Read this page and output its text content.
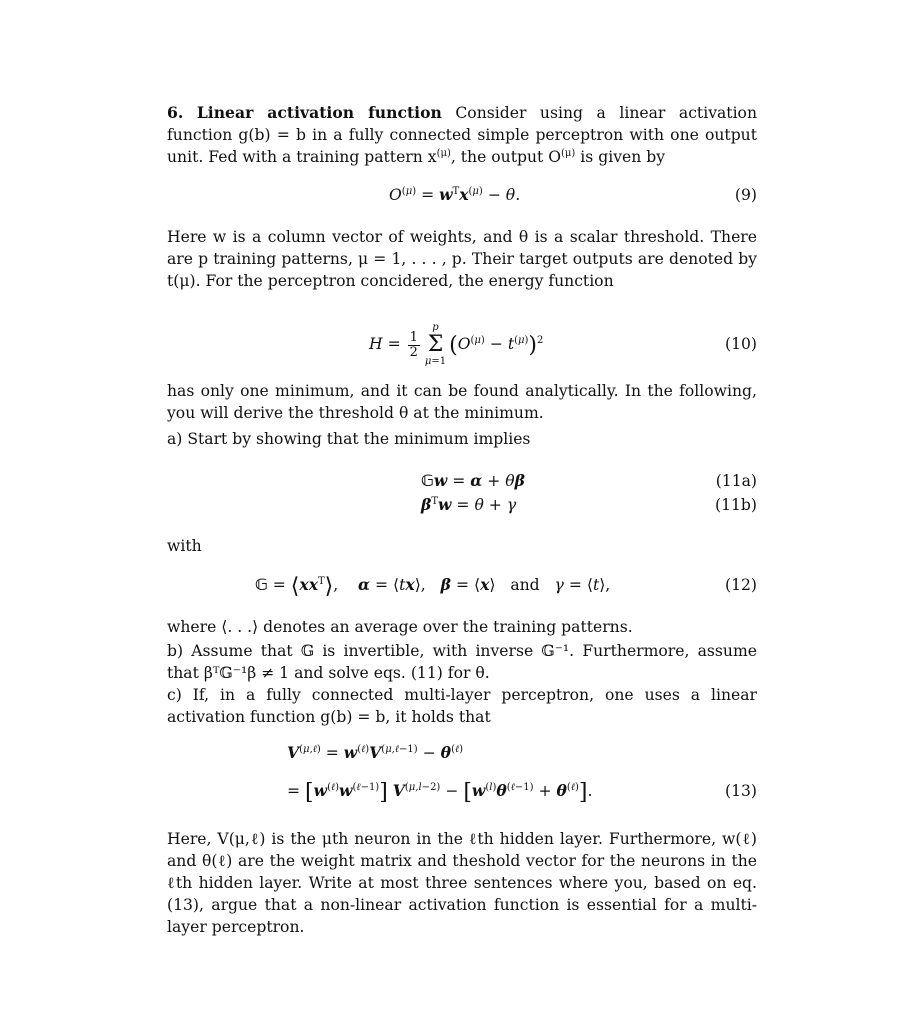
6. Linear activation function Consider using a linear activation function g(b) = b in a fully connected simple perceptron with one output unit. Fed with a training pattern $x^{(\mu)}$, the output $O^{(\mu)}$ is given by

$O^{(\mu)} = w^Tx^{(\mu)} - \theta$.	(9)

Here w is a column vector of weights, and θ is a scalar threshold. There are p training patterns, μ = 1, . . . , p. Their target outputs are denoted by t(μ). For the perceptron concidered, the energy function

$H = \frac{1}{2}$
p
Σ
μ=1
$(O^{(\mu)} - t^{(\mu)})^2$	(10)

has only one minimum, and it can be found analytically. In the following, you will derive the threshold θ at the minimum.

a) Start by showing that the minimum implies

𝔾w = α + θβ	(11a)
$\beta^Tw = \theta + \gamma$	(11b)

with

𝔾 = $⟨xx^T⟩$,    α = ⟨tx⟩,   β = ⟨x⟩   and γ = ⟨t⟩,	(12)

where ⟨. . .⟩ denotes an average over the training patterns.

b) Assume that 𝔾 is invertible, with inverse 𝔾⁻¹. Furthermore, assume that βᵀ𝔾⁻¹β ≠ 1 and solve eqs. (11) for θ.

c) If, in a fully connected multi-layer perceptron, one uses a linear activation function g(b) = b, it holds that

$V^{(\mu,\ell)} = w^{(\ell)}V^{(\mu,\ell-1)} - \theta^{(\ell)}$
= $[w^{(\ell)}w^{(\ell-1)}] V^{(\mu,l-2)} - [w^{(l)}\theta^{(\ell-1)} + \theta^{(\ell)}]$.	(13)

Here, V(μ,ℓ) is the μth neuron in the ℓth hidden layer. Furthermore, w(ℓ) and θ(ℓ) are the weight matrix and theshold vector for the neurons in the ℓth hidden layer. Write at most three sentences where you, based on eq. (13), argue that a non-linear activation function is essential for a multi-layer perceptron.
